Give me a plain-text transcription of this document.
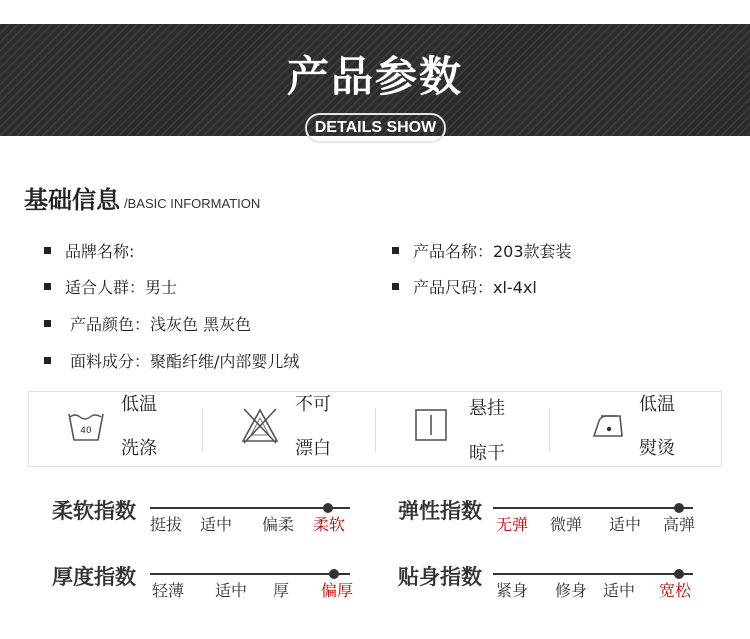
产品参数
DETAILS SHOW
基础信息 /BASIC INFORMATION
品牌名称:	产品名称：203款套装
适合人群：男士	产品尺码：xl-4xl
产品颜色：浅灰色 黑灰色
面料成分：聚酯纤维/内部婴儿绒
40
低温
洗涤
不可
漂白
悬挂
晾干
低温
熨烫
柔软指数
挺拔 适中 偏柔 柔软
弹性指数
无弹 微弹 适中 高弹
厚度指数
轻薄 适中 厚 偏厚
贴身指数
紧身 修身 适中 宽松
